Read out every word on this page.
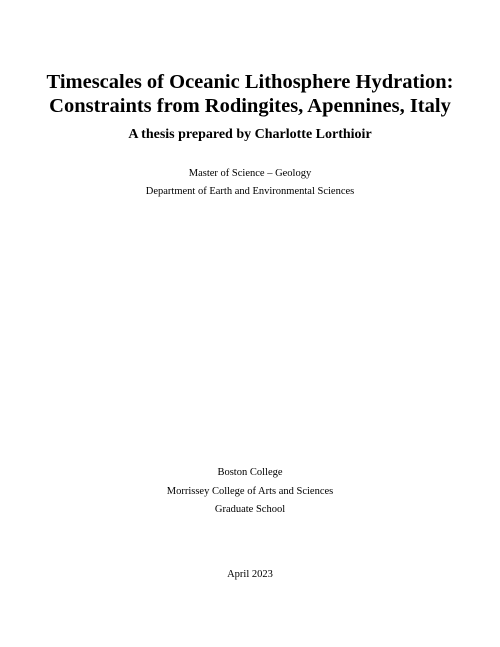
Timescales of Oceanic Lithosphere Hydration:
Constraints from Rodingites, Apennines, Italy
A thesis prepared by Charlotte Lorthioir
Master of Science – Geology
Department of Earth and Environmental Sciences
Boston College
Morrissey College of Arts and Sciences
Graduate School
April 2023
